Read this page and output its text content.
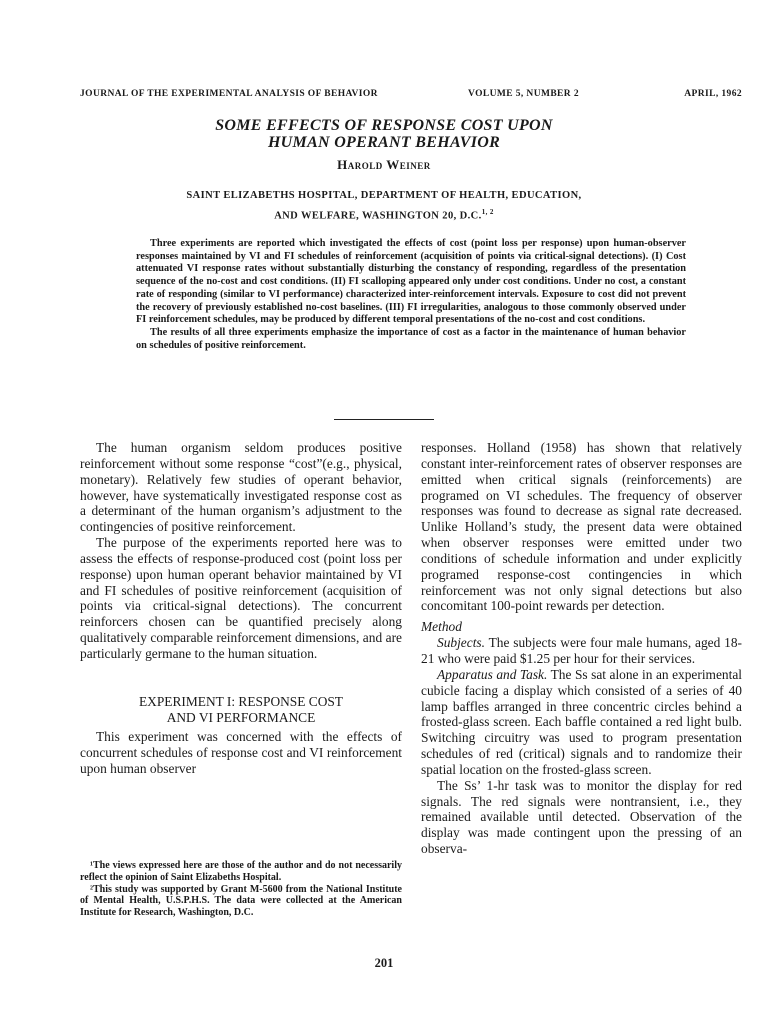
JOURNAL OF THE EXPERIMENTAL ANALYSIS OF BEHAVIOR	VOLUME 5, NUMBER 2	APRIL, 1962
SOME EFFECTS OF RESPONSE COST UPON
HUMAN OPERANT BEHAVIOR
Harold Weiner
SAINT ELIZABETHS HOSPITAL, DEPARTMENT OF HEALTH, EDUCATION,
AND WELFARE, WASHINGTON 20, D.C.$^{1, 2}$

Three experiments are reported which investigated the effects of cost (point loss per response) upon human-observer responses maintained by VI and FI schedules of reinforcement (acquisition of points via critical-signal detections). (I) Cost attenuated VI response rates without substantially disturbing the constancy of responding, regardless of the presentation sequence of the no-cost and cost conditions. (II) FI scalloping appeared only under cost conditions. Under no cost, a constant rate of responding (similar to VI performance) characterized inter-reinforcement intervals. Exposure to cost did not prevent the recovery of previously established no-cost baselines. (III) FI irregularities, analogous to those commonly observed under FI reinforcement schedules, may be produced by different temporal presentations of the no-cost and cost conditions.

The results of all three experiments emphasize the importance of cost as a factor in the maintenance of human behavior on schedules of positive reinforcement.

The human organism seldom produces positive reinforcement without some response “cost”(e.g., physical, monetary). Relatively few studies of operant behavior, however, have systematically investigated response cost as a determinant of the human organism’s adjustment to the contingencies of positive reinforcement.

The purpose of the experiments reported here was to assess the effects of response-produced cost (point loss per response) upon human operant behavior maintained by VI and FI schedules of positive reinforcement (acquisition of points via critical-signal detections). The concurrent reinforcers chosen can be quantified precisely along qualitatively comparable reinforcement dimensions, and are particularly germane to the human situation.

EXPERIMENT I: RESPONSE COST
AND VI PERFORMANCE

This experiment was concerned with the effects of concurrent schedules of response cost and VI reinforcement upon human observer

¹The views expressed here are those of the author and do not necessarily reflect the opinion of Saint Elizabeths Hospital.

²This study was supported by Grant M-5600 from the National Institute of Mental Health, U.S.P.H.S. The data were collected at the American Institute for Research, Washington, D.C.

responses. Holland (1958) has shown that relatively constant inter-reinforcement rates of observer responses are emitted when critical signals (reinforcements) are programed on VI schedules. The frequency of observer responses was found to decrease as signal rate decreased. Unlike Holland’s study, the present data were obtained when observer responses were emitted under two conditions of schedule information and under explicitly programed response-cost contingencies in which reinforcement was not only signal detections but also concomitant 100-point rewards per detection.

Method

Subjects. The subjects were four male humans, aged 18-21 who were paid $1.25 per hour for their services.

Apparatus and Task. The Ss sat alone in an experimental cubicle facing a display which consisted of a series of 40 lamp baffles arranged in three concentric circles behind a frosted-glass screen. Each baffle contained a red light bulb. Switching circuitry was used to program presentation schedules of red (critical) signals and to randomize their spatial location on the frosted-glass screen.

The Ss’ 1-hr task was to monitor the display for red signals. The red signals were nontransient, i.e., they remained available until detected. Observation of the display was made contingent upon the pressing of an observa-

201
